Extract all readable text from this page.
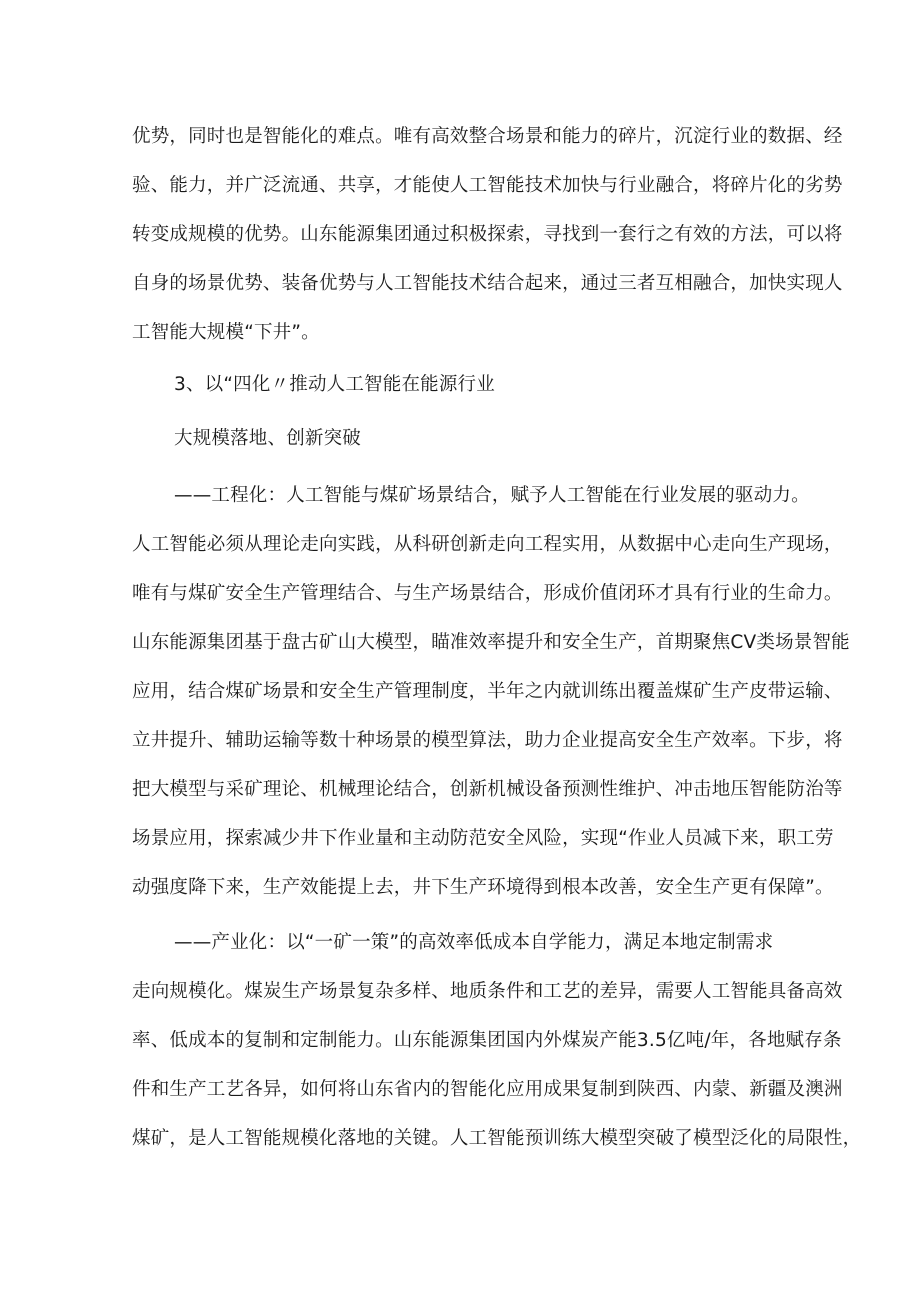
优势，同时也是智能化的难点。唯有高效整合场景和能力的碎片，沉淀行业的数据、经
验、能力，并广泛流通、共享，才能使人工智能技术加快与行业融合，将碎片化的劣势
转变成规模的优势。山东能源集团通过积极探索，寻找到一套行之有效的方法，可以将
自身的场景优势、装备优势与人工智能技术结合起来，通过三者互相融合，加快实现人
工智能大规模“下井”。
3、以“四化〃推动人工智能在能源行业
大规模落地、创新突破
——工程化：人工智能与煤矿场景结合，赋予人工智能在行业发展的驱动力。
人工智能必须从理论走向实践，从科研创新走向工程实用，从数据中心走向生产现场，
唯有与煤矿安全生产管理结合、与生产场景结合，形成价值闭环才具有行业的生命力。
山东能源集团基于盘古矿山大模型，瞄准效率提升和安全生产，首期聚焦CV类场景智能
应用，结合煤矿场景和安全生产管理制度，半年之内就训练出覆盖煤矿生产皮带运输、
立井提升、辅助运输等数十种场景的模型算法，助力企业提高安全生产效率。下步，将
把大模型与采矿理论、机械理论结合，创新机械设备预测性维护、冲击地压智能防治等
场景应用，探索减少井下作业量和主动防范安全风险，实现“作业人员减下来，职工劳
动强度降下来，生产效能提上去，井下生产环境得到根本改善，安全生产更有保障”。
——产业化：以“一矿一策”的高效率低成本自学能力，满足本地定制需求
走向规模化。煤炭生产场景复杂多样、地质条件和工艺的差异，需要人工智能具备高效
率、低成本的复制和定制能力。山东能源集团国内外煤炭产能3.5亿吨/年，各地赋存条
件和生产工艺各异，如何将山东省内的智能化应用成果复制到陕西、内蒙、新疆及澳洲
煤矿，是人工智能规模化落地的关键。人工智能预训练大模型突破了模型泛化的局限性，
